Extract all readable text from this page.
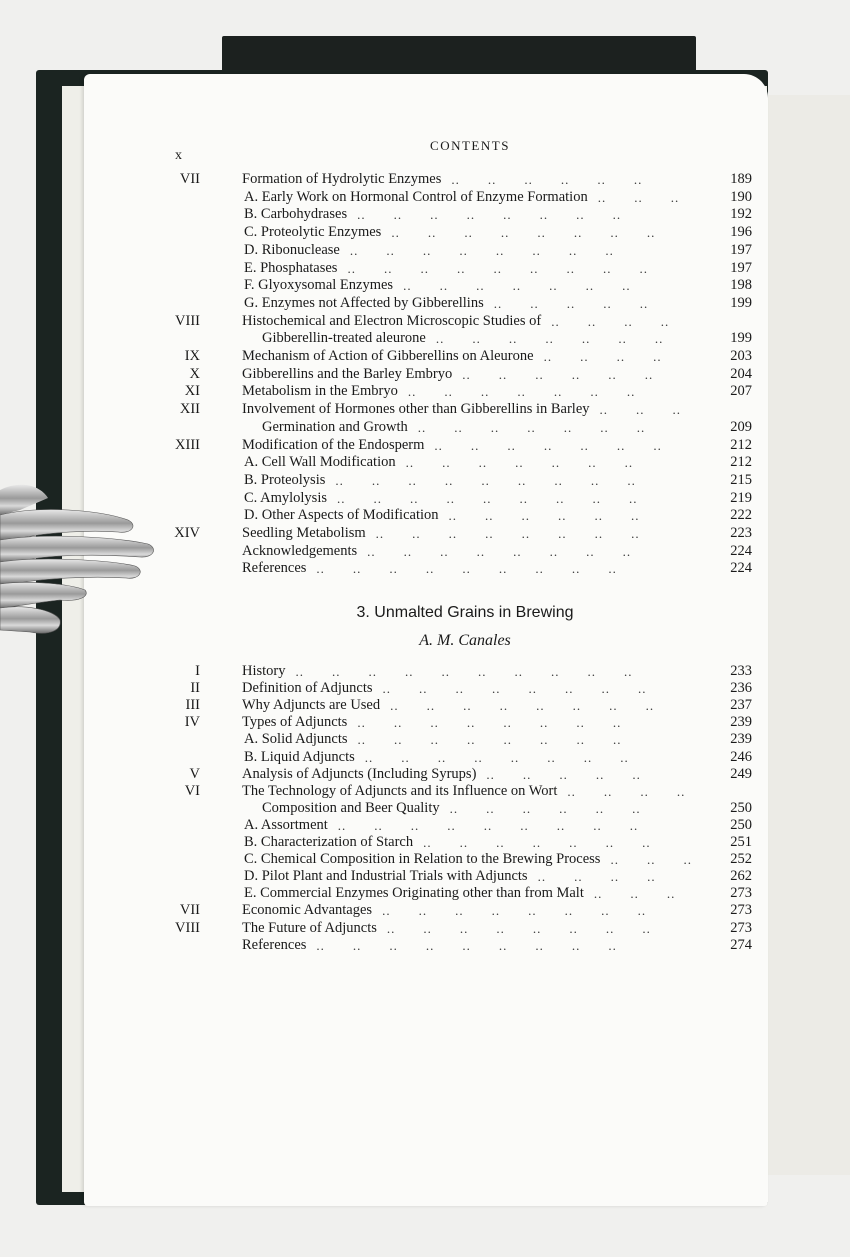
x
CONTENTS
VII	Formation of Hydrolytic Enzymes	189
..  ..  ..  ..  ..  ..
A. Early Work on Hormonal Control of Enzyme Formation	190
..  ..  ..
B. Carbohydrases	192
..  ..  ..  ..  ..  ..  ..  ..
C. Proteolytic Enzymes	196
..  ..  ..  ..  ..  ..  ..  ..
D. Ribonuclease	197
..  ..  ..  ..  ..  ..  ..  ..
E. Phosphatases	197
..  ..  ..  ..  ..  ..  ..  ..  ..
F. Glyoxysomal Enzymes	198
..  ..  ..  ..  ..  ..  ..
G. Enzymes not Affected by Gibberellins	199
..  ..  ..  ..  ..
VIII	Histochemical and Electron Microscopic Studies of ..  ..  ..  ..
Gibberellin-treated aleurone	199
..  ..  ..  ..  ..  ..  ..
IX	Mechanism of Action of Gibberellins on Aleurone	203
..  ..  ..  ..
X	Gibberellins and the Barley Embryo	204
..  ..  ..  ..  ..  ..
XI	Metabolism in the Embryo	207
..  ..  ..  ..  ..  ..  ..
XII	Involvement of Hormones other than Gibberellins in Barley ..  ..  ..
Germination and Growth	209
..  ..  ..  ..  ..  ..  ..
XIII	Modification of the Endosperm	212
..  ..  ..  ..  ..  ..  ..
A. Cell Wall Modification	212
..  ..  ..  ..  ..  ..  ..
B. Proteolysis	215
..  ..  ..  ..  ..  ..  ..  ..  ..
C. Amylolysis	219
..  ..  ..  ..  ..  ..  ..  ..  ..
D. Other Aspects of Modification	222
..  ..  ..  ..  ..  ..
XIV	Seedling Metabolism	223
..  ..  ..  ..  ..  ..  ..  ..
Acknowledgements	224
..  ..  ..  ..  ..  ..  ..  ..
References	224
..  ..  ..  ..  ..  ..  ..  ..  ..
3. Unmalted Grains in Brewing
A. M. Canales
I	History	233
..  ..  ..  ..  ..  ..  ..  ..  ..  ..
II	Definition of Adjuncts	236
..  ..  ..  ..  ..  ..  ..  ..
III	Why Adjuncts are Used	237
..  ..  ..  ..  ..  ..  ..  ..
IV	Types of Adjuncts	239
..  ..  ..  ..  ..  ..  ..  ..
A. Solid Adjuncts	239
..  ..  ..  ..  ..  ..  ..  ..
B. Liquid Adjuncts	246
..  ..  ..  ..  ..  ..  ..  ..
V	Analysis of Adjuncts (Including Syrups)	249
..  ..  ..  ..  ..
VI	The Technology of Adjuncts and its Influence on Wort ..  ..  ..  ..
Composition and Beer Quality	250
..  ..  ..  ..  ..  ..
A. Assortment	250
..  ..  ..  ..  ..  ..  ..  ..  ..
B. Characterization of Starch	251
..  ..  ..  ..  ..  ..  ..
C. Chemical Composition in Relation to the Brewing Process	252
..  ..  ..
D. Pilot Plant and Industrial Trials with Adjuncts	262
..  ..  ..  ..
E. Commercial Enzymes Originating other than from Malt	273
..  ..  ..
VII	Economic Advantages	273
..  ..  ..  ..  ..  ..  ..  ..
VIII	The Future of Adjuncts	273
..  ..  ..  ..  ..  ..  ..  ..
References	274
..  ..  ..  ..  ..  ..  ..  ..  ..
